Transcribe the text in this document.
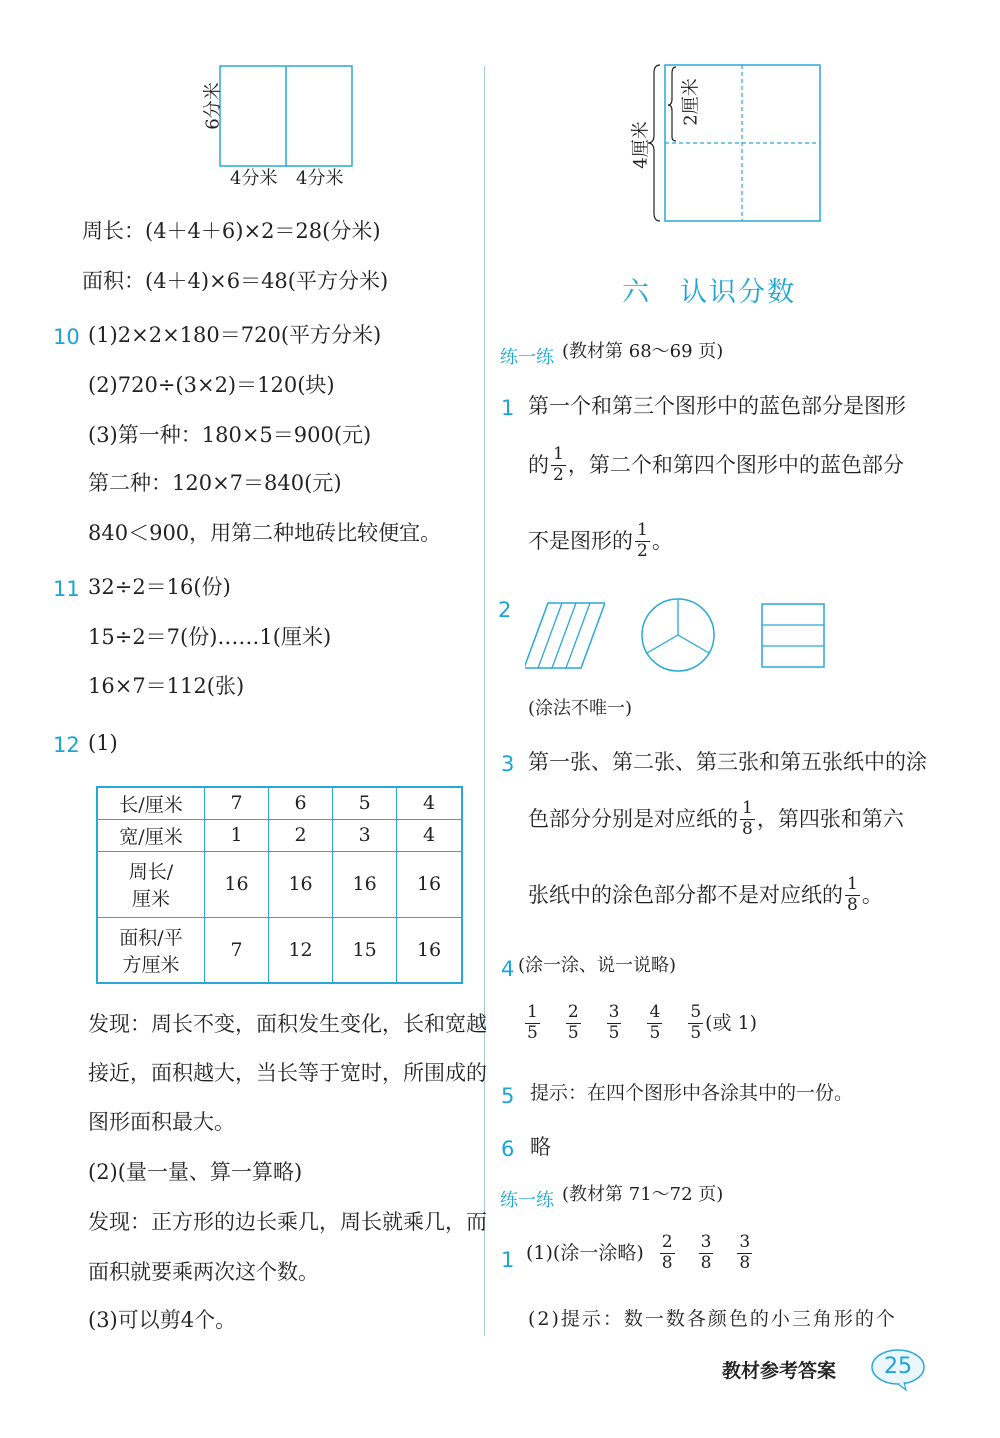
6分米
4分米 4分米
周长：(4＋4＋6)×2＝28(分米)
面积：(4＋4)×6＝48(平方分米)
10 (1)2×2×180＝720(平方分米)
(2)720÷(3×2)＝120(块)
(3)第一种：180×5＝900(元)
第二种：120×7＝840(元)
840＜900，用第二种地砖比较便宜。
11 32÷2＝16(份)
15÷2＝7(份)……1(厘米)
16×7＝112(张)
12 (1)
长/厘米	7	6	5	4
宽/厘米	1	2	3	4

周长/
厘米	16	16	16	16

面积/平
方厘米	7	12	15	16
发现：周长不变，面积发生变化，长和宽越
接近，面积越大，当长等于宽时，所围成的
图形面积最大。
(2)(量一量、算一算略)
发现：正方形的边长乘几，周长就乘几，而
面积就要乘两次这个数。
(3)可以剪4个。
4厘米
2厘米
六 认识分数
练一练 (教材第 68～69 页)
1 第一个和第三个图形中的蓝色部分是图形
的 $\frac{1}{2}$ ，第二个和第四个图形中的蓝色部分
不是图形的 $\frac{1}{2}$ 。
2
(涂法不唯一)
3 第一张、第二张、第三张和第五张纸中的涂
色部分分别是对应纸的 $\frac{1}{8}$ ，第四张和第六
张纸中的涂色部分都不是对应纸的 $\frac{1}{8}$ 。
4 (涂一涂、说一说略)
$\frac{1}{5} \frac{2}{5} \frac{3}{5} \frac{4}{5} \frac{5}{5}$ (或 1)
5 提示：在四个图形中各涂其中的一份。
6 略
练一练 (教材第 71～72 页)
1 (1)(涂一涂略) $\frac{2}{8} \frac{3}{8} \frac{3}{8}$
(2)提示：数一数各颜色的小三角形的个
教材参考答案 25
